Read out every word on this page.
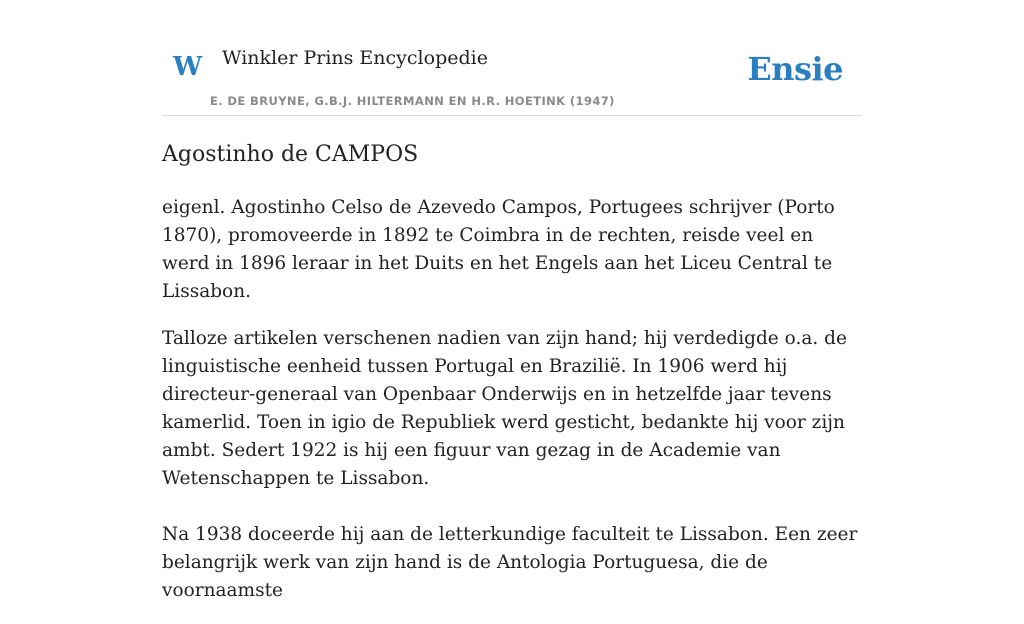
W Winkler Prins Encyclopedie
E. DE BRUYNE, G.B.J. HILTERMANN EN H.R. HOETINK (1947)
Ensie
Agostinho de CAMPOS

eigenl. Agostinho Celso de Azevedo Campos, Portugees schrijver (Porto 1870), promoveerde in 1892 te Coimbra in de rechten, reisde veel en werd in 1896 leraar in het Duits en het Engels aan het Liceu Central te Lissabon.

Talloze artikelen verschenen nadien van zijn hand; hij verdedigde o.a. de linguistische eenheid tussen Portugal en Brazilië. In 1906 werd hij directeur-generaal van Openbaar Onderwijs en in hetzelfde jaar tevens kamerlid. Toen in igio de Republiek werd gesticht, bedankte hij voor zijn ambt. Sedert 1922 is hij een figuur van gezag in de Academie van Wetenschappen te Lissabon.

Na 1938 doceerde hij aan de letterkundige faculteit te Lissabon. Een zeer belangrijk werk van zijn hand is de Antologia Portuguesa, die de voornaamste
